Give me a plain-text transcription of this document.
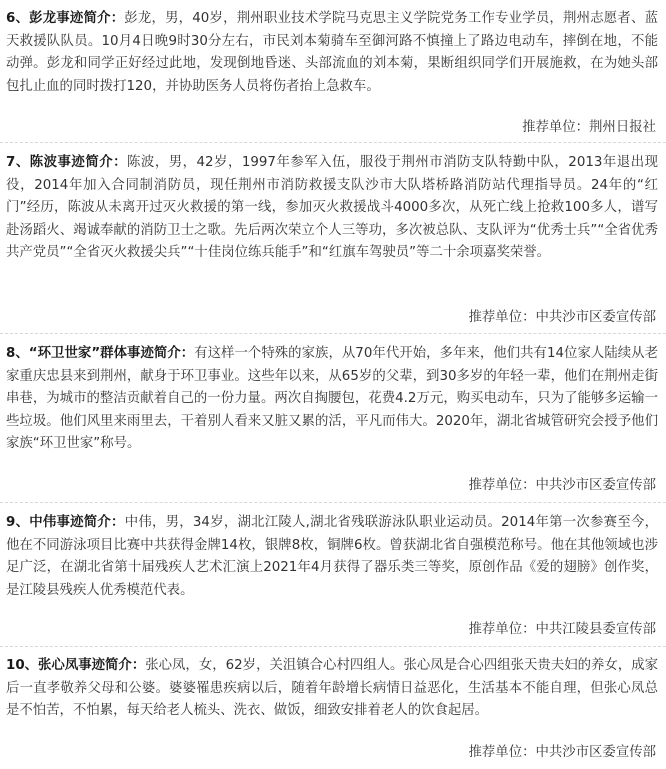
6、彭龙事迹简介：彭龙，男，40岁，荆州职业技术学院马克思主义学院党务工作专业学员，荆州志愿者、蓝天救援队队员。10月4日晚9时30分左右，市民刘本菊骑车至御河路不慎撞上了路边电动车，摔倒在地，不能动弹。彭龙和同学正好经过此地，发现倒地昏迷、头部流血的刘本菊，果断组织同学们开展施救，在为她头部包扎止血的同时拨打120，并协助医务人员将伤者抬上急救车。

推荐单位：荆州日报社

7、陈波事迹简介：陈波，男，42岁，1997年参军入伍，服役于荆州市消防支队特勤中队，2013年退出现役，2014年加入合同制消防员，现任荆州市消防救援支队沙市大队塔桥路消防站代理指导员。24年的“红门”经历，陈波从未离开过灭火救援的第一线，参加灭火救援战斗4000多次，从死亡线上抢救100多人，谱写赴汤蹈火、竭诚奉献的消防卫士之歌。先后两次荣立个人三等功，多次被总队、支队评为“优秀士兵”“全省优秀共产党员”“全省灭火救援尖兵”“十佳岗位练兵能手”和“红旗车驾驶员”等二十余项嘉奖荣誉。

推荐单位：中共沙市区委宣传部

8、“环卫世家”群体事迹简介：有这样一个特殊的家族，从70年代开始，多年来，他们共有14位家人陆续从老家重庆忠县来到荆州，献身于环卫事业。这些年以来，从65岁的父辈，到30多岁的年轻一辈，他们在荆州走街串巷，为城市的整洁贡献着自己的一份力量。两次自掏腰包，花费4.2万元，购买电动车，只为了能够多运输一些垃圾。他们风里来雨里去，干着别人看来又脏又累的活，平凡而伟大。2020年，湖北省城管研究会授予他们家族“环卫世家”称号。

推荐单位：中共沙市区委宣传部

9、中伟事迹简介：中伟，男，34岁，湖北江陵人,湖北省残联游泳队职业运动员。2014年第一次参赛至今，他在不同游泳项目比赛中共获得金牌14枚，银牌8枚，铜牌6枚。曾获湖北省自强模范称号。他在其他领域也涉足广泛，在湖北省第十届残疾人艺术汇演上2021年4月获得了器乐类三等奖，原创作品《爱的翅膀》创作奖，是江陵县残疾人优秀模范代表。

推荐单位：中共江陵县委宣传部

10、张心凤事迹简介：张心凤，女，62岁，关沮镇合心村四组人。张心凤是合心四组张天贵夫妇的养女，成家后一直孝敬养父母和公婆。婆婆罹患疾病以后，随着年龄增长病情日益恶化，生活基本不能自理，但张心凤总是不怕苦，不怕累，每天给老人梳头、洗衣、做饭，细致安排着老人的饮食起居。

推荐单位：中共沙市区委宣传部
